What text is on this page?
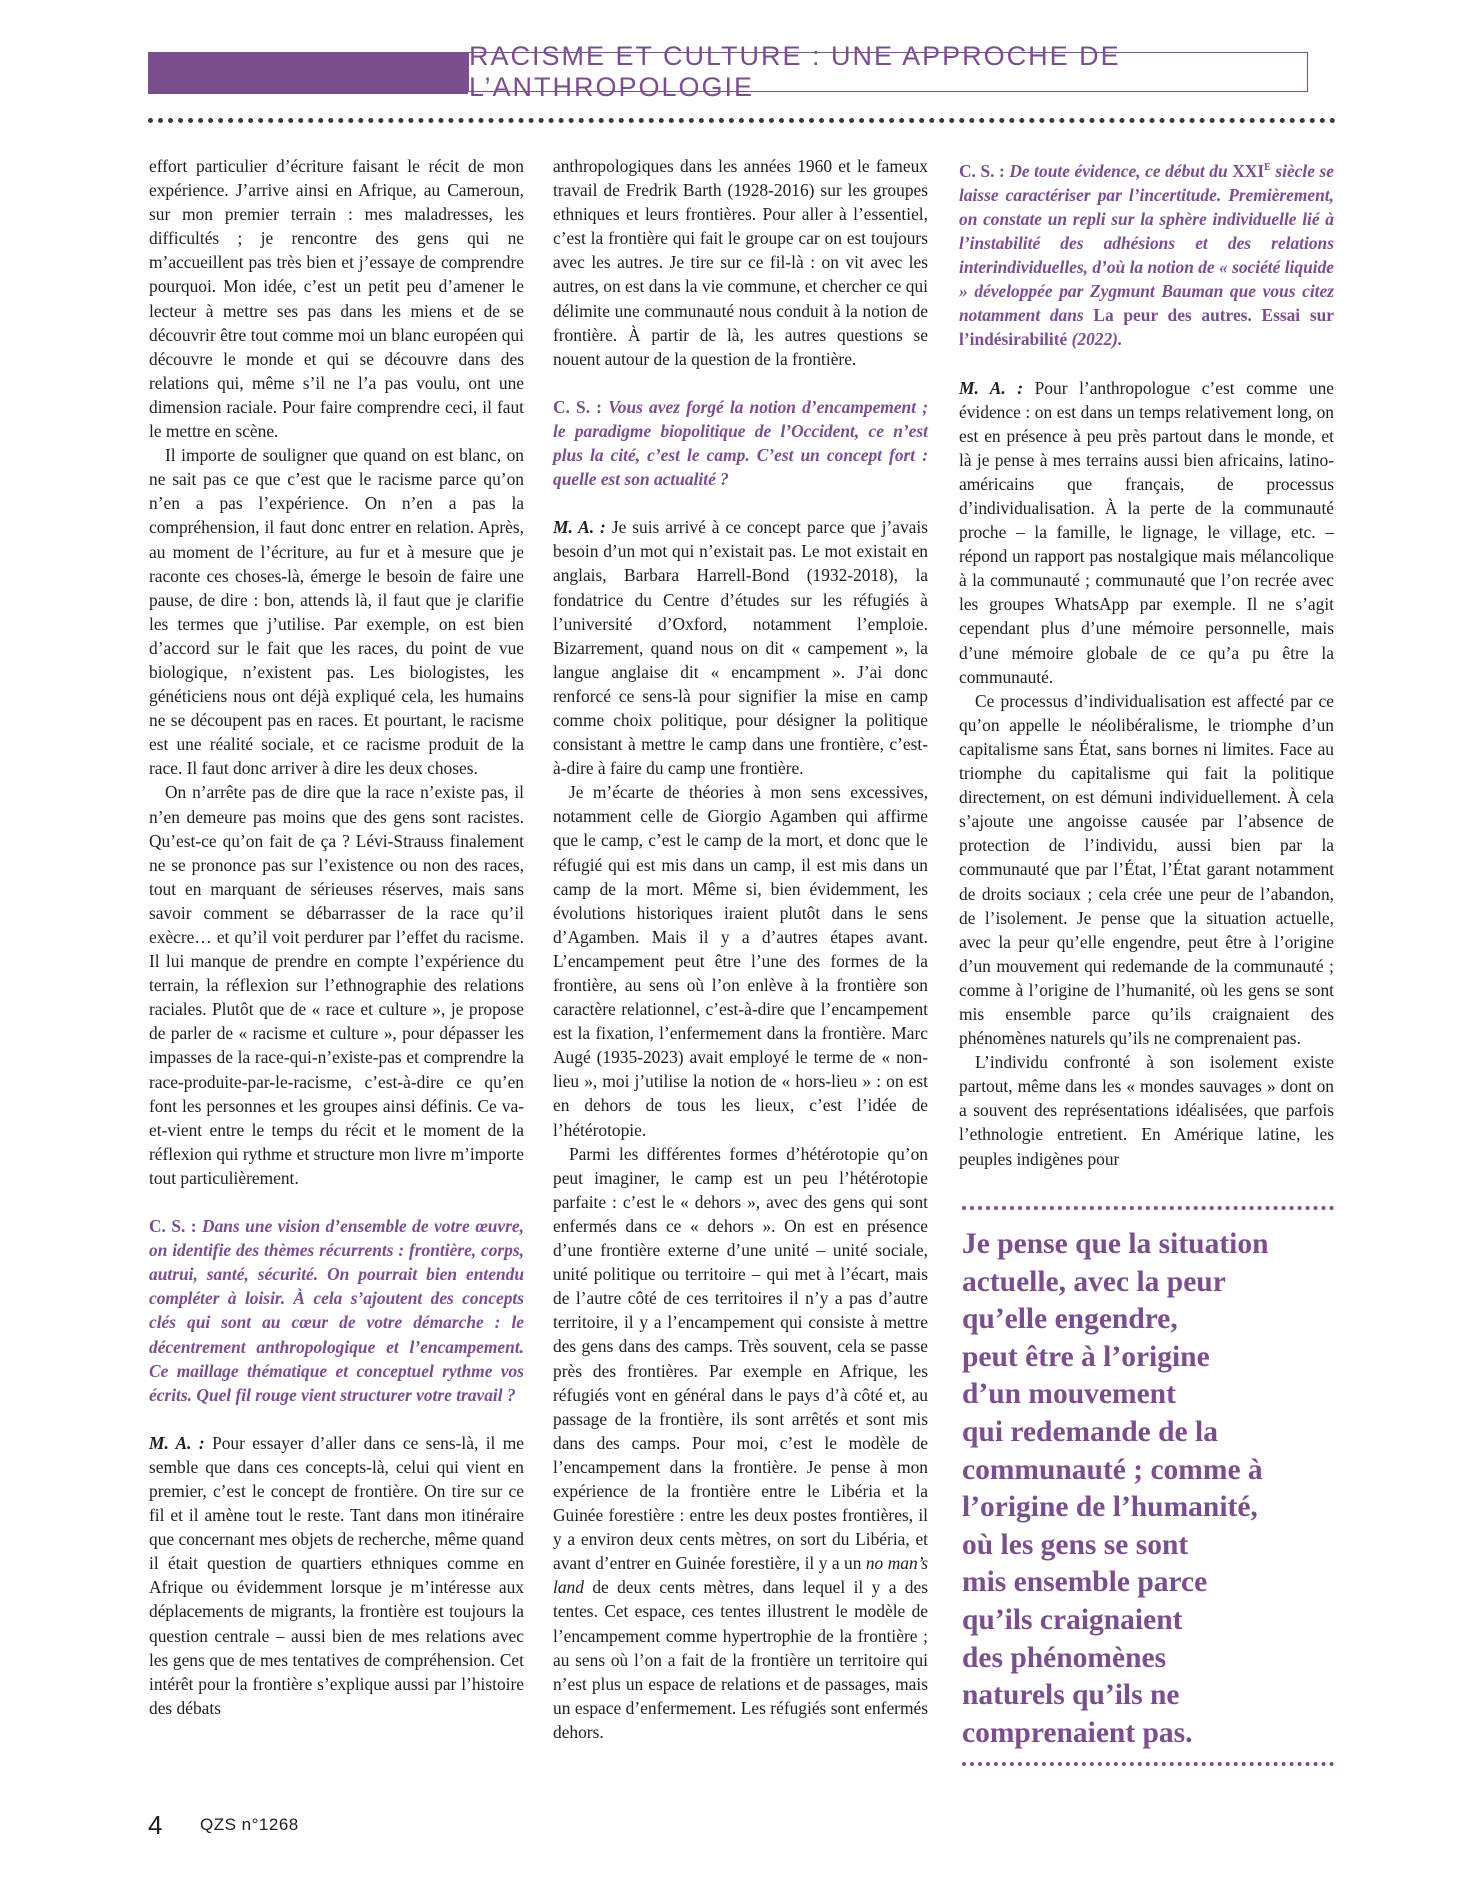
RACISME ET CULTURE : UNE APPROCHE DE L’ANTHROPOLOGIE

effort particulier d’écriture faisant le récit de mon expérience. J’arrive ainsi en Afrique, au Cameroun, sur mon premier terrain : mes maladresses, les difficultés ; je rencontre des gens qui ne m’accueillent pas très bien et j’essaye de comprendre pourquoi. Mon idée, c’est un petit peu d’amener le lecteur à mettre ses pas dans les miens et de se découvrir être tout comme moi un blanc européen qui découvre le monde et qui se découvre dans des relations qui, même s’il ne l’a pas voulu, ont une dimension raciale. Pour faire comprendre ceci, il faut le mettre en scène.

Il importe de souligner que quand on est blanc, on ne sait pas ce que c’est que le racisme parce qu’on n’en a pas l’expérience. On n’en a pas la compréhension, il faut donc entrer en relation. Après, au moment de l’écriture, au fur et à mesure que je raconte ces choses-là, émerge le besoin de faire une pause, de dire : bon, attends là, il faut que je clarifie les termes que j’utilise. Par exemple, on est bien d’accord sur le fait que les races, du point de vue biologique, n’existent pas. Les biologistes, les généticiens nous ont déjà expliqué cela, les humains ne se découpent pas en races. Et pourtant, le racisme est une réalité sociale, et ce racisme produit de la race. Il faut donc arriver à dire les deux choses.

On n’arrête pas de dire que la race n’existe pas, il n’en demeure pas moins que des gens sont racistes. Qu’est-ce qu’on fait de ça ? Lévi-Strauss finalement ne se prononce pas sur l’existence ou non des races, tout en marquant de sérieuses réserves, mais sans savoir comment se débarrasser de la race qu’il exècre… et qu’il voit perdurer par l’effet du racisme. Il lui manque de prendre en compte l’expérience du terrain, la réflexion sur l’ethnographie des relations raciales. Plutôt que de « race et culture », je propose de parler de « racisme et culture », pour dépasser les impasses de la race-qui-n’existe-pas et comprendre la race-produite-par-le-racisme, c’est-à-dire ce qu’en font les personnes et les groupes ainsi définis. Ce va-et-vient entre le temps du récit et le moment de la réflexion qui rythme et structure mon livre m’importe tout particulièrement.

C. S. : Dans une vision d’ensemble de votre œuvre, on identifie des thèmes récurrents : frontière, corps, autrui, santé, sécurité. On pourrait bien entendu compléter à loisir. À cela s’ajoutent des concepts clés qui sont au cœur de votre démarche : le décentrement anthropologique et l’encampement. Ce maillage thématique et conceptuel rythme vos écrits. Quel fil rouge vient structurer votre travail ?

M. A. : Pour essayer d’aller dans ce sens-là, il me semble que dans ces concepts-là, celui qui vient en premier, c’est le concept de frontière. On tire sur ce fil et il amène tout le reste. Tant dans mon itinéraire que concernant mes objets de recherche, même quand il était question de quartiers ethniques comme en Afrique ou évidemment lorsque je m’intéresse aux déplacements de migrants, la frontière est toujours la question centrale – aussi bien de mes relations avec les gens que de mes tentatives de compréhension. Cet intérêt pour la frontière s’explique aussi par l’histoire des débats

anthropologiques dans les années 1960 et le fameux travail de Fredrik Barth (1928-2016) sur les groupes ethniques et leurs frontières. Pour aller à l’essentiel, c’est la frontière qui fait le groupe car on est toujours avec les autres. Je tire sur ce fil-là : on vit avec les autres, on est dans la vie commune, et chercher ce qui délimite une communauté nous conduit à la notion de frontière. À partir de là, les autres questions se nouent autour de la question de la frontière.

C. S. : Vous avez forgé la notion d’encampement ; le paradigme biopolitique de l’Occident, ce n’est plus la cité, c’est le camp. C’est un concept fort : quelle est son actualité ?

M. A. : Je suis arrivé à ce concept parce que j’avais besoin d’un mot qui n’existait pas. Le mot existait en anglais, Barbara Harrell-Bond (1932-2018), la fondatrice du Centre d’études sur les réfugiés à l’université d’Oxford, notamment l’emploie. Bizarrement, quand nous on dit « campement », la langue anglaise dit « encampment ». J’ai donc renforcé ce sens-là pour signifier la mise en camp comme choix politique, pour désigner la politique consistant à mettre le camp dans une frontière, c’est-à-dire à faire du camp une frontière.

Je m’écarte de théories à mon sens excessives, notamment celle de Giorgio Agamben qui affirme que le camp, c’est le camp de la mort, et donc que le réfugié qui est mis dans un camp, il est mis dans un camp de la mort. Même si, bien évidemment, les évolutions historiques iraient plutôt dans le sens d’Agamben. Mais il y a d’autres étapes avant. L’encampement peut être l’une des formes de la frontière, au sens où l’on enlève à la frontière son caractère relationnel, c’est-à-dire que l’encampement est la fixation, l’enfermement dans la frontière. Marc Augé (1935-2023) avait employé le terme de « non-lieu », moi j’utilise la notion de « hors-lieu » : on est en dehors de tous les lieux, c’est l’idée de l’hétérotopie.

Parmi les différentes formes d’hétérotopie qu’on peut imaginer, le camp est un peu l’hétérotopie parfaite : c’est le « dehors », avec des gens qui sont enfermés dans ce « dehors ». On est en présence d’une frontière externe d’une unité – unité sociale, unité politique ou territoire – qui met à l’écart, mais de l’autre côté de ces territoires il n’y a pas d’autre territoire, il y a l’encampement qui consiste à mettre des gens dans des camps. Très souvent, cela se passe près des frontières. Par exemple en Afrique, les réfugiés vont en général dans le pays d’à côté et, au passage de la frontière, ils sont arrêtés et sont mis dans des camps. Pour moi, c’est le modèle de l’encampement dans la frontière. Je pense à mon expérience de la frontière entre le Libéria et la Guinée forestière : entre les deux postes frontières, il y a environ deux cents mètres, on sort du Libéria, et avant d’entrer en Guinée forestière, il y a un no man’s land de deux cents mètres, dans lequel il y a des tentes. Cet espace, ces tentes illustrent le modèle de l’encampement comme hypertrophie de la frontière ; au sens où l’on a fait de la frontière un territoire qui n’est plus un espace de relations et de passages, mais un espace d’enfermement. Les réfugiés sont enfermés dehors.

C. S. : De toute évidence, ce début du XXIe siècle se laisse caractériser par l’incertitude. Premièrement, on constate un repli sur la sphère individuelle lié à l’instabilité des adhésions et des relations interindividuelles, d’où la notion de « société liquide » développée par Zygmunt Bauman que vous citez notamment dans La peur des autres. Essai sur l’indésirabilité (2022).

M. A. : Pour l’anthropologue c’est comme une évidence : on est dans un temps relativement long, on est en présence à peu près partout dans le monde, et là je pense à mes terrains aussi bien africains, latino-américains que français, de processus d’individualisation. À la perte de la communauté proche – la famille, le lignage, le village, etc. – répond un rapport pas nostalgique mais mélancolique à la communauté ; communauté que l’on recrée avec les groupes WhatsApp par exemple. Il ne s’agit cependant plus d’une mémoire personnelle, mais d’une mémoire globale de ce qu’a pu être la communauté.

Ce processus d’individualisation est affecté par ce qu’on appelle le néolibéralisme, le triomphe d’un capitalisme sans État, sans bornes ni limites. Face au triomphe du capitalisme qui fait la politique directement, on est démuni individuellement. À cela s’ajoute une angoisse causée par l’absence de protection de l’individu, aussi bien par la communauté que par l’État, l’État garant notamment de droits sociaux ; cela crée une peur de l’abandon, de l’isolement. Je pense que la situation actuelle, avec la peur qu’elle engendre, peut être à l’origine d’un mouvement qui redemande de la communauté ; comme à l’origine de l’humanité, où les gens se sont mis ensemble parce qu’ils craignaient des phénomènes naturels qu’ils ne comprenaient pas.

L’individu confronté à son isolement existe partout, même dans les « mondes sauvages » dont on a souvent des représentations idéalisées, que parfois l’ethnologie entretient. En Amérique latine, les peuples indigènes pour

Je pense que la situation
actuelle, avec la peur
qu’elle engendre,
peut être à l’origine
d’un mouvement
qui redemande de la
communauté ; comme à
l’origine de l’humanité,
où les gens se sont
mis ensemble parce
qu’ils craignaient
des phénomènes
naturels qu’ils ne
comprenaient pas.
4 QZS n°1268
